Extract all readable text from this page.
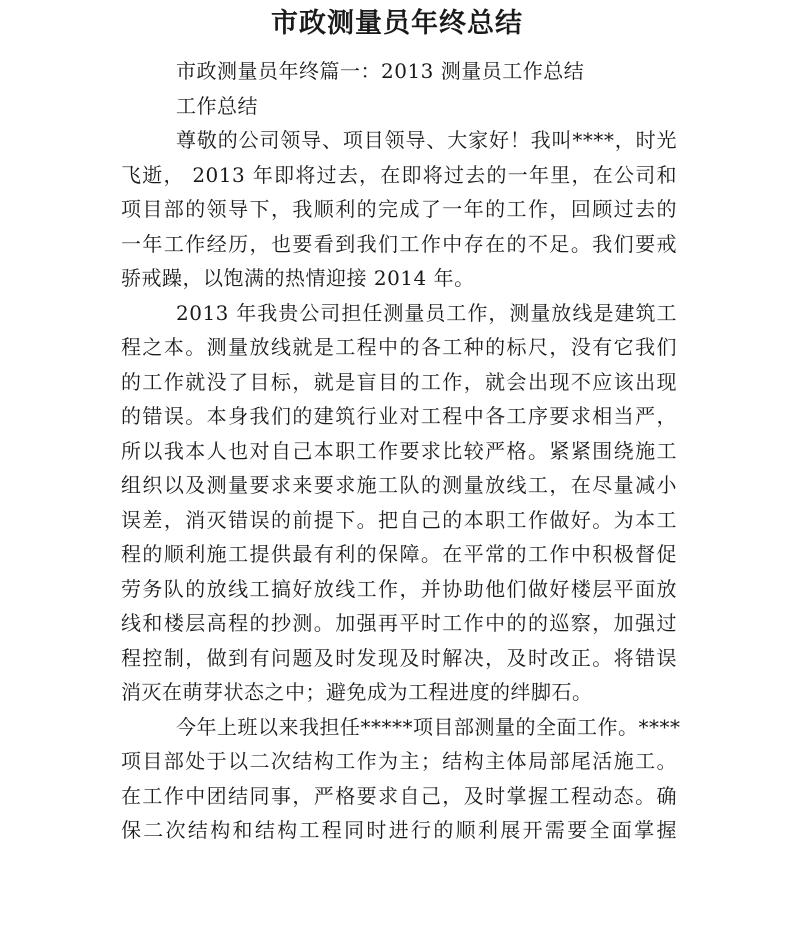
市政测量员年终总结
市政测量员年终篇一：2013 测量员工作总结
工作总结
尊敬的公司领导、项目领导、大家好！我叫****，时光
飞逝， 2013 年即将过去，在即将过去的一年里，在公司和
项目部的领导下，我顺利的完成了一年的工作，回顾过去的
一年工作经历，也要看到我们工作中存在的不足。我们要戒
骄戒躁，以饱满的热情迎接 2014 年。
2013 年我贵公司担任测量员工作，测量放线是建筑工
程之本。测量放线就是工程中的各工种的标尺，没有它我们
的工作就没了目标，就是盲目的工作，就会出现不应该出现
的错误。本身我们的建筑行业对工程中各工序要求相当严，
所以我本人也对自己本职工作要求比较严格。紧紧围绕施工
组织以及测量要求来要求施工队的测量放线工，在尽量减小
误差，消灭错误的前提下。把自己的本职工作做好。为本工
程的顺利施工提供最有利的保障。在平常的工作中积极督促
劳务队的放线工搞好放线工作，并协助他们做好楼层平面放
线和楼层高程的抄测。加强再平时工作中的的巡察，加强过
程控制，做到有问题及时发现及时解决，及时改正。将错误
消灭在萌芽状态之中；避免成为工程进度的绊脚石。
今年上班以来我担任*****项目部测量的全面工作。****
项目部处于以二次结构工作为主；结构主体局部尾活施工。
在工作中团结同事，严格要求自己，及时掌握工程动态。确
保二次结构和结构工程同时进行的顺利展开需要全面掌握
